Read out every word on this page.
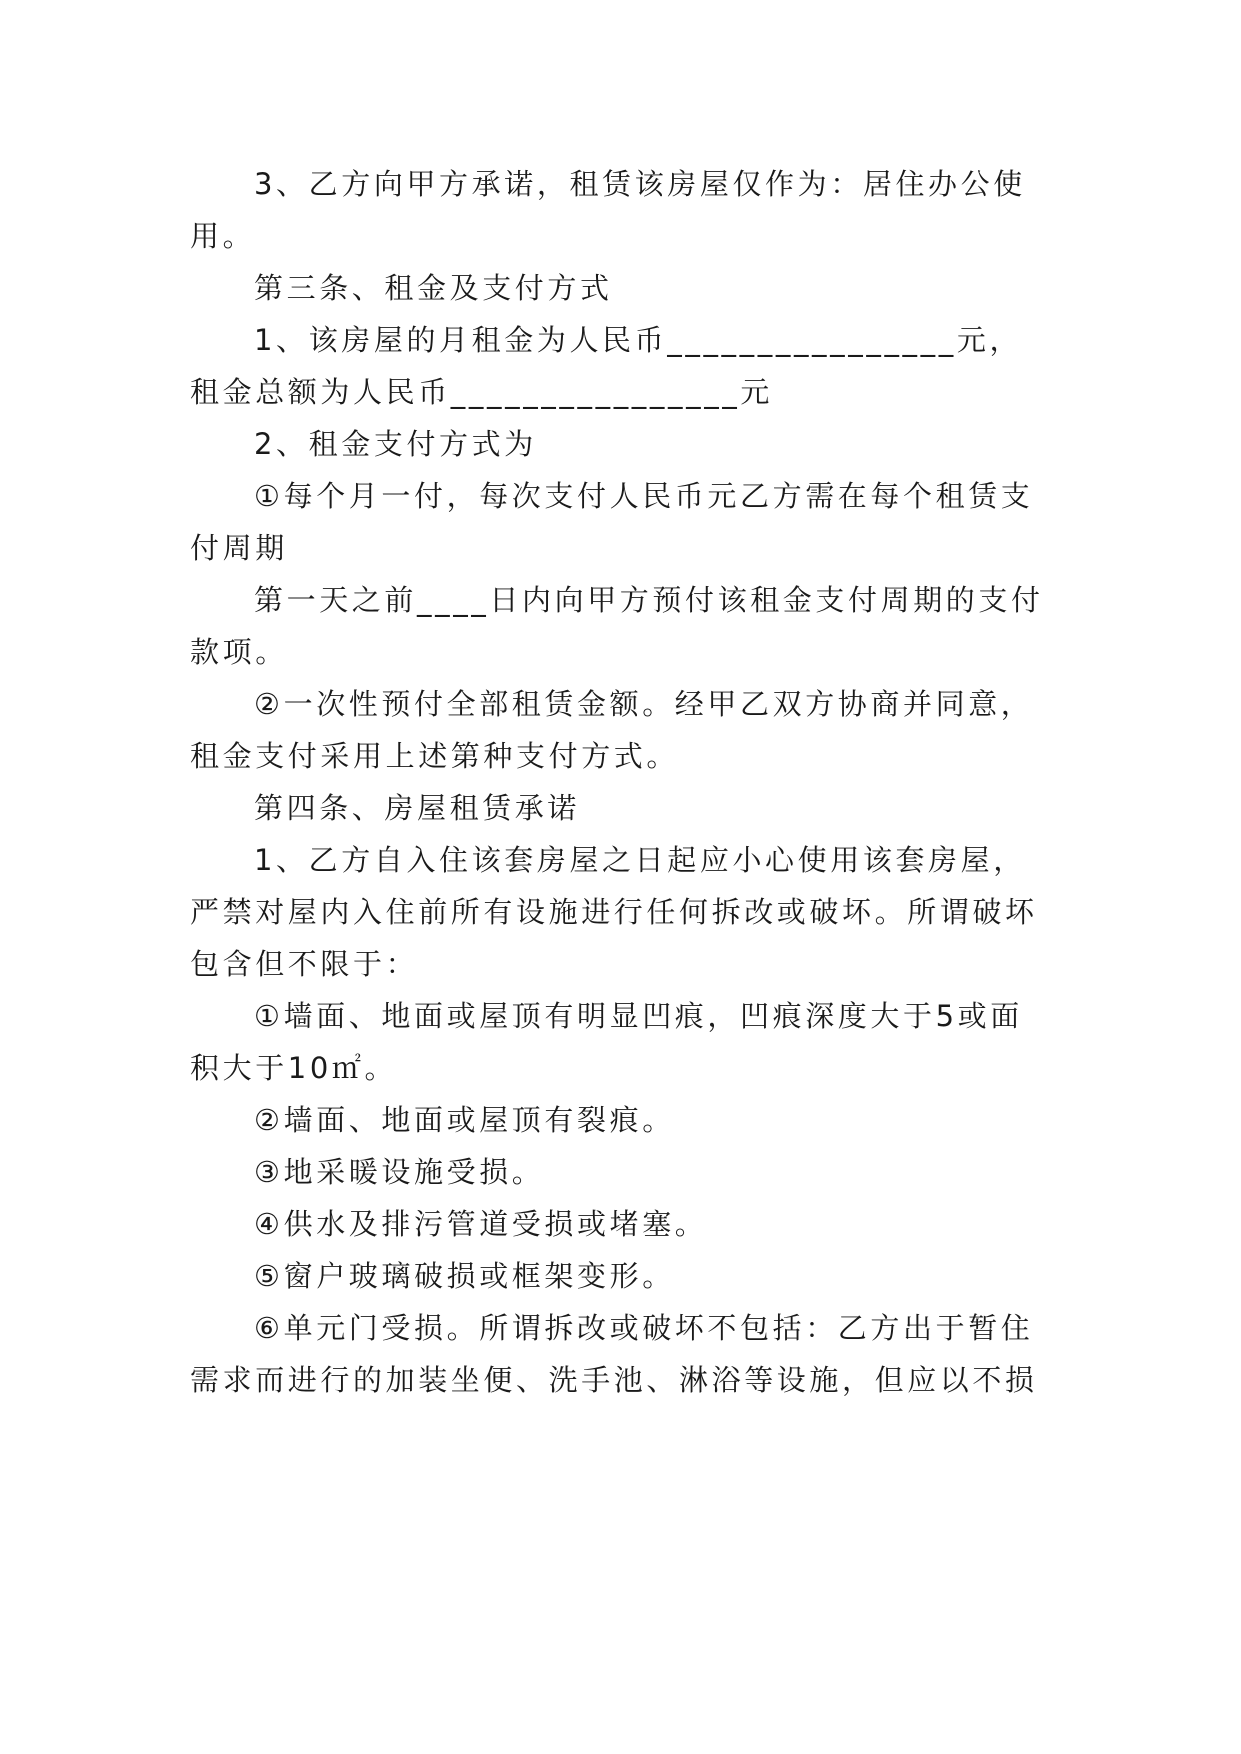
3、乙方向甲方承诺，租赁该房屋仅作为：居住办公使用。

第三条、租金及支付方式

1、该房屋的月租金为人民币________________元，租金总额为人民币________________元

2、租金支付方式为

①每个月一付，每次支付人民币元乙方需在每个租赁支付周期

第一天之前____日内向甲方预付该租金支付周期的支付款项。

②一次性预付全部租赁金额。经甲乙双方协商并同意，租金支付采用上述第种支付方式。

第四条、房屋租赁承诺

1、乙方自入住该套房屋之日起应小心使用该套房屋，严禁对屋内入住前所有设施进行任何拆改或破坏。所谓破坏包含但不限于：

①墙面、地面或屋顶有明显凹痕，凹痕深度大于5或面积大于10㎡。

②墙面、地面或屋顶有裂痕。

③地采暖设施受损。

④供水及排污管道受损或堵塞。

⑤窗户玻璃破损或框架变形。

⑥单元门受损。所谓拆改或破坏不包括：乙方出于暂住需求而进行的加装坐便、洗手池、淋浴等设施，但应以不损
